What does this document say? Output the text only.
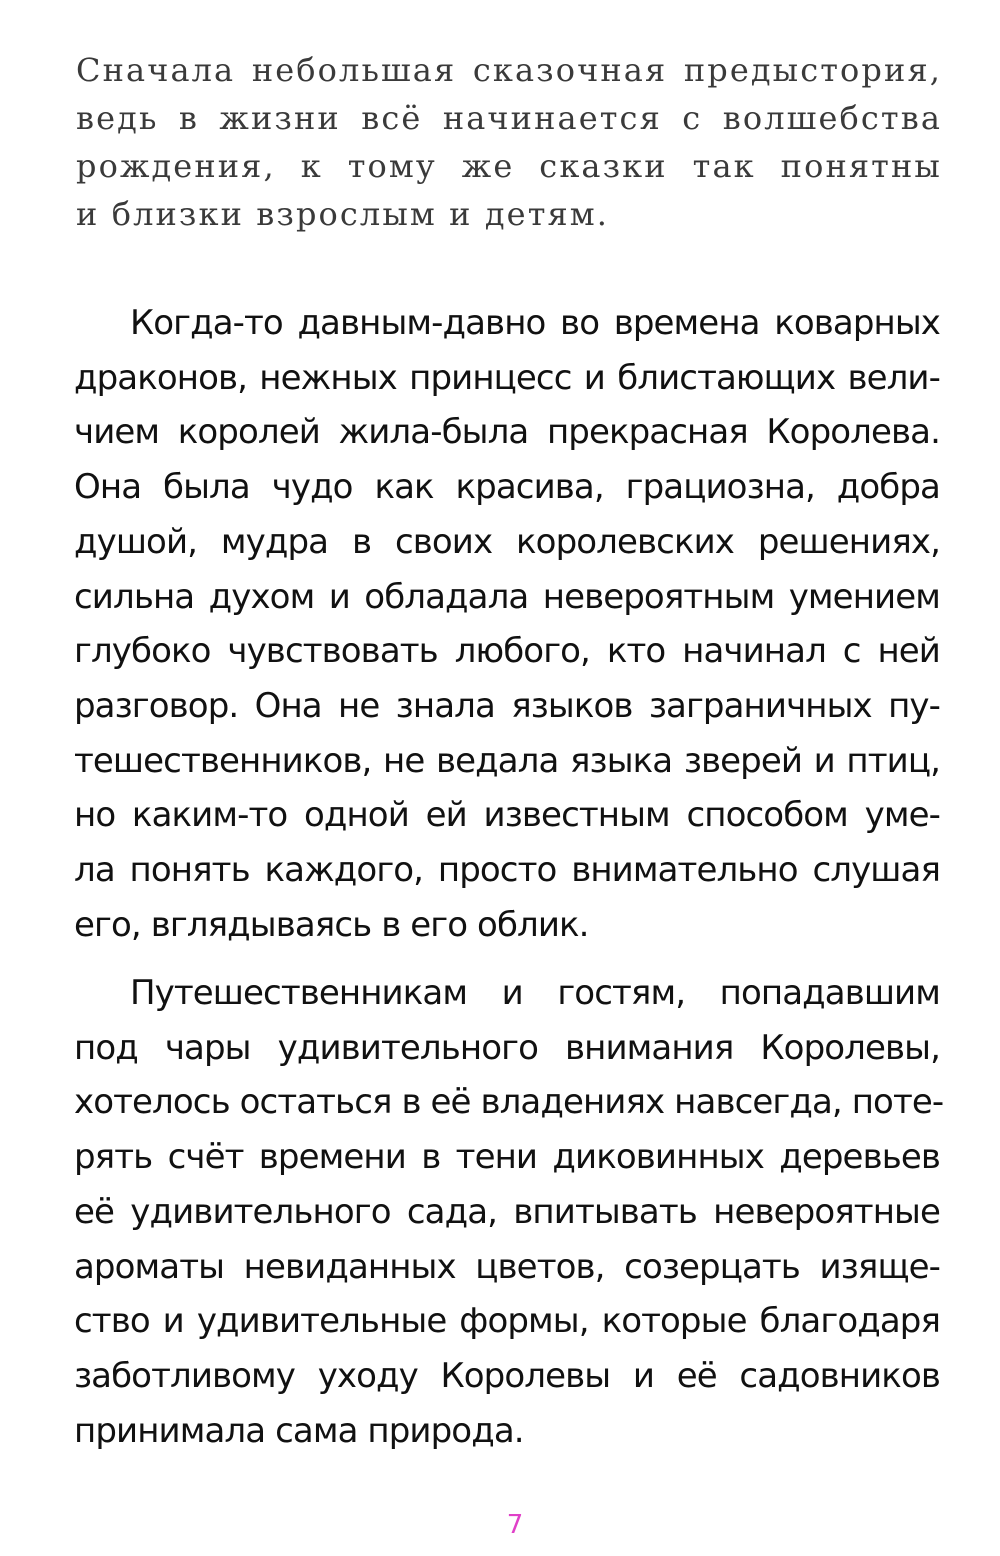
Сначала небольшая сказочная предыстория,
ведь в жизни всё начинается с волшебства
рождения, к тому же сказки так понятны
и близки взрослым и детям.
Когда-то давным-давно во времена коварных
драконов, нежных принцесс и блистающих вели-
чием королей жила-была прекрасная Королева.
Она была чудо как красива, грациозна, добра
душой, мудра в своих королевских решениях,
сильна духом и обладала невероятным умением
глубоко чувствовать любого, кто начинал с ней
разговор. Она не знала языков заграничных пу-
тешественников, не ведала языка зверей и птиц,
но каким-то одной ей известным способом уме-
ла понять каждого, просто внимательно слушая
его, вглядываясь в его облик.
Путешественникам и гостям, попадавшим
под чары удивительного внимания Королевы,
хотелось остаться в её владениях навсегда, поте-
рять счёт времени в тени диковинных деревьев
её удивительного сада, впитывать невероятные
ароматы невиданных цветов, созерцать изяще-
ство и удивительные формы, которые благодаря
заботливому уходу Королевы и её садовников
принимала сама природа.
7
